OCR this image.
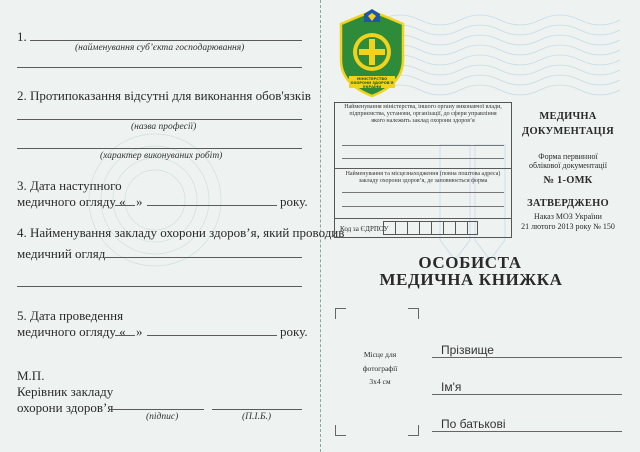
1.
(найменування суб’єкта господарювання)
2. Протипоказання відсутні для виконання обов'язків
(назва професії)
(характер виконуваних робіт)
3. Дата наступного
медичного огляду « »	року.
4. Найменування закладу охорони здоров’я, який проводив
медичний огляд
5. Дата проведення
медичного огляду « »	року.
М.П.
Керівник закладу
охорони здоров’я
(підпис)	(П.І.Б.)
МІНІСТЕРСТВО ОХОРОНИ ЗДОРОВ'Я УКРАЇНИ
Найменування міністерства, іншого органу виконавчої влади, підприємства, установи, організації, до сфери управління якого належить заклад охорони здоров’я
Найменування та місцезнаходження (повна поштова адреса) закладу охорони здоров’я, де заповнюється форма
Код за ЄДРПОУ
МЕДИЧНА
ДОКУМЕНТАЦІЯ
Форма первинної
облікової документації
№ 1-ОМК
ЗАТВЕРДЖЕНО
Наказ МОЗ України
21 лютого 2013 року № 150
ОСОБИСТА
МЕДИЧНА КНИЖКА
Місце для
фотографії
3х4 см
Прізвище
Ім'я
По батькові
